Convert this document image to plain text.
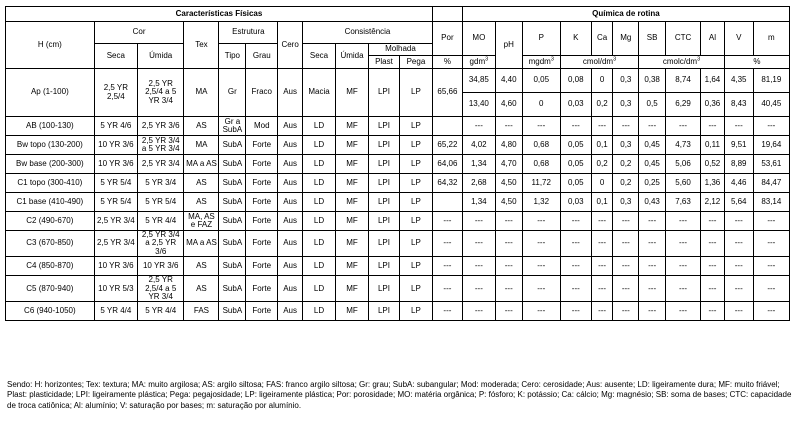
Características Físicas												Química de rotina										
H (cm)	Cor		Tex	Estrutura		Cero	Consistência				Por	MO	pH	P	K	Ca	Mg	SB	CTC	Al	V	m
	Seca	Úmida		Tipo	Grau		Seca	Úmida	Molhada													
									Plast	Pega	%	gdm$^3$		mgdm$^3$	cmol/$dm^3$			cmolc/$dm^3$			%	
Ap (1-100)	2,5 YR 2,5/4	2,5 YR 2,5/4 a 5 YR 3/4	MA	Gr	Fraco	Aus	Macia	MF	LPI	LP	65,66	34,85	4,40	0,05	0,08	0	0,3	0,38	8,74	1,64	4,35	81,19
												13,40	4,60	0	0,03	0,2	0,3	0,5	6,29	0,36	8,43	40,45
AB (100-130)	5 YR 4/6	2,5 YR 3/6	AS	Gr a SubA	Mod	Aus	LD	MF	LPI	LP		---	---	---	---	---	---	---	---	---	---	---
Bw topo (130-200)	10 YR 3/6	2,5 YR 3/4 a 5 YR 3/4	MA	SubA	Forte	Aus	LD	MF	LPI	LP	65,22	4,02	4,80	0,68	0,05	0,1	0,3	0,45	4,73	0,11	9,51	19,64
Bw base (200-300)	10 YR 3/6	2,5 YR 3/4	MA a AS	SubA	Forte	Aus	LD	MF	LPI	LP	64,06	1,34	4,70	0,68	0,05	0,2	0,2	0,45	5,06	0,52	8,89	53,61
C1 topo (300-410)	5 YR 5/4	5 YR 3/4	AS	SubA	Forte	Aus	LD	MF	LPI	LP	64,32	2,68	4,50	11,72	0,05	0	0,2	0,25	5,60	1,36	4,46	84,47
C1 base (410-490)	5 YR 5/4	5 YR 5/4	AS	SubA	Forte	Aus	LD	MF	LPI	LP		1,34	4,50	1,32	0,03	0,1	0,3	0,43	7,63	2,12	5,64	83,14
C2 (490-670)	2,5 YR 3/4	5 YR 4/4	MA, AS e FAZ	SubA	Forte	Aus	LD	MF	LPI	LP	---	---	---	---	---	---	---	---	---	---	---	---
C3 (670-850)	2,5 YR 3/4	2,5 YR 3/4 a 2,5 YR 3/6	MA a AS	SubA	Forte	Aus	LD	MF	LPI	LP	---	---	---	---	---	---	---	---	---	---	---	---
C4 (850-870)	10 YR 3/6	10 YR 3/6	AS	SubA	Forte	Aus	LD	MF	LPI	LP	---	---	---	---	---	---	---	---	---	---	---	---
C5 (870-940)	10 YR 5/3	2,5 YR 2,5/4 a 5 YR 3/4	AS	SubA	Forte	Aus	LD	MF	LPI	LP	---	---	---	---	---	---	---	---	---	---	---	---
C6 (940-1050)	5 YR 4/4	5 YR 4/4	FAS	SubA	Forte	Aus	LD	MF	LPI	LP	---	---	---	---	---	---	---	---	---	---	---	---
Sendo: H: horizontes; Tex: textura; MA: muito argilosa; AS: argilo siltosa; FAS: franco argilo siltosa; Gr: grau; SubA: subangular; Mod: moderada; Cero: cerosidade; Aus: ausente; LD: ligeiramente dura; MF: muito friável; Plast: plasticidade; LPI: ligeiramente plástica; Pega: pegajosidade; LP: ligeiramente plástica; Por: porosidade; MO: matéria orgânica; P: fósforo; K: potássio; Ca: cálcio; Mg: magnésio; SB: soma de bases; CTC: capacidade de troca catiônica; Al: alumínio; V: saturação por bases; m: saturação por alumínio.
